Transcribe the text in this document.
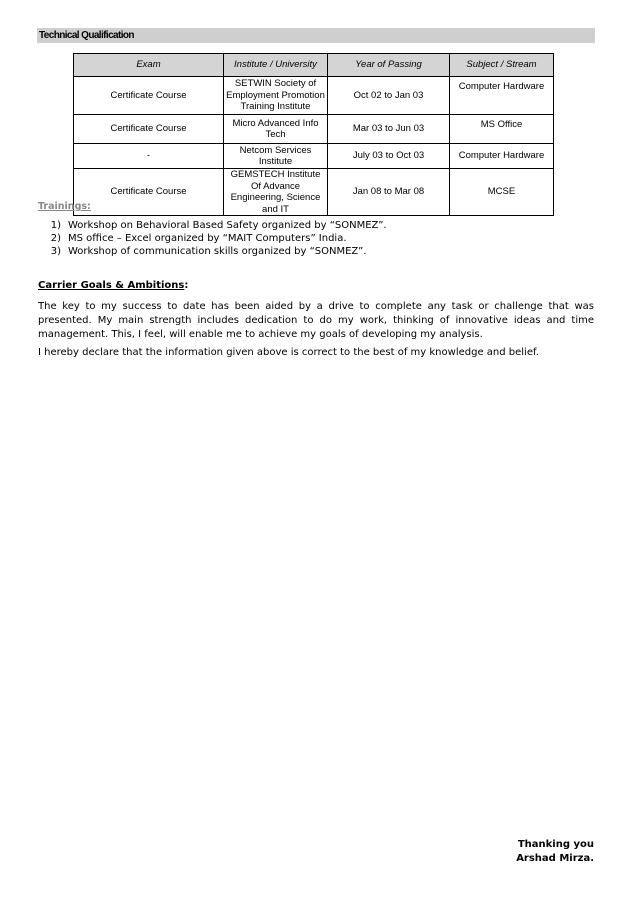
Technical Qualification
Exam	Institute / University	Year of Passing	Subject / Stream
Certificate Course	SETWIN Society of Employment Promotion Training Institute	Oct 02 to Jan 03	Computer Hardware
Certificate Course	Micro Advanced Info Tech	Mar 03 to Jun 03	MS Office
-	Netcom Services Institute	July 03 to Oct 03	Computer Hardware
Certificate Course	GEMSTECH Institute Of Advance Engineering, Science and IT	Jan 08 to Mar 08	MCSE
Trainings:
1) Workshop on Behavioral Based Safety organized by “SONMEZ”.
2) MS office – Excel organized by “MAIT Computers” India.
3) Workshop of communication skills organized by “SONMEZ”.
Carrier Goals & Ambitions:
The key to my success to date has been aided by a drive to complete any task or challenge that was presented. My main strength includes dedication to do my work, thinking of innovative ideas and time management. This, I feel, will enable me to achieve my goals of developing my analysis.
I hereby declare that the information given above is correct to the best of my knowledge and belief.
Thanking you
Arshad Mirza.
